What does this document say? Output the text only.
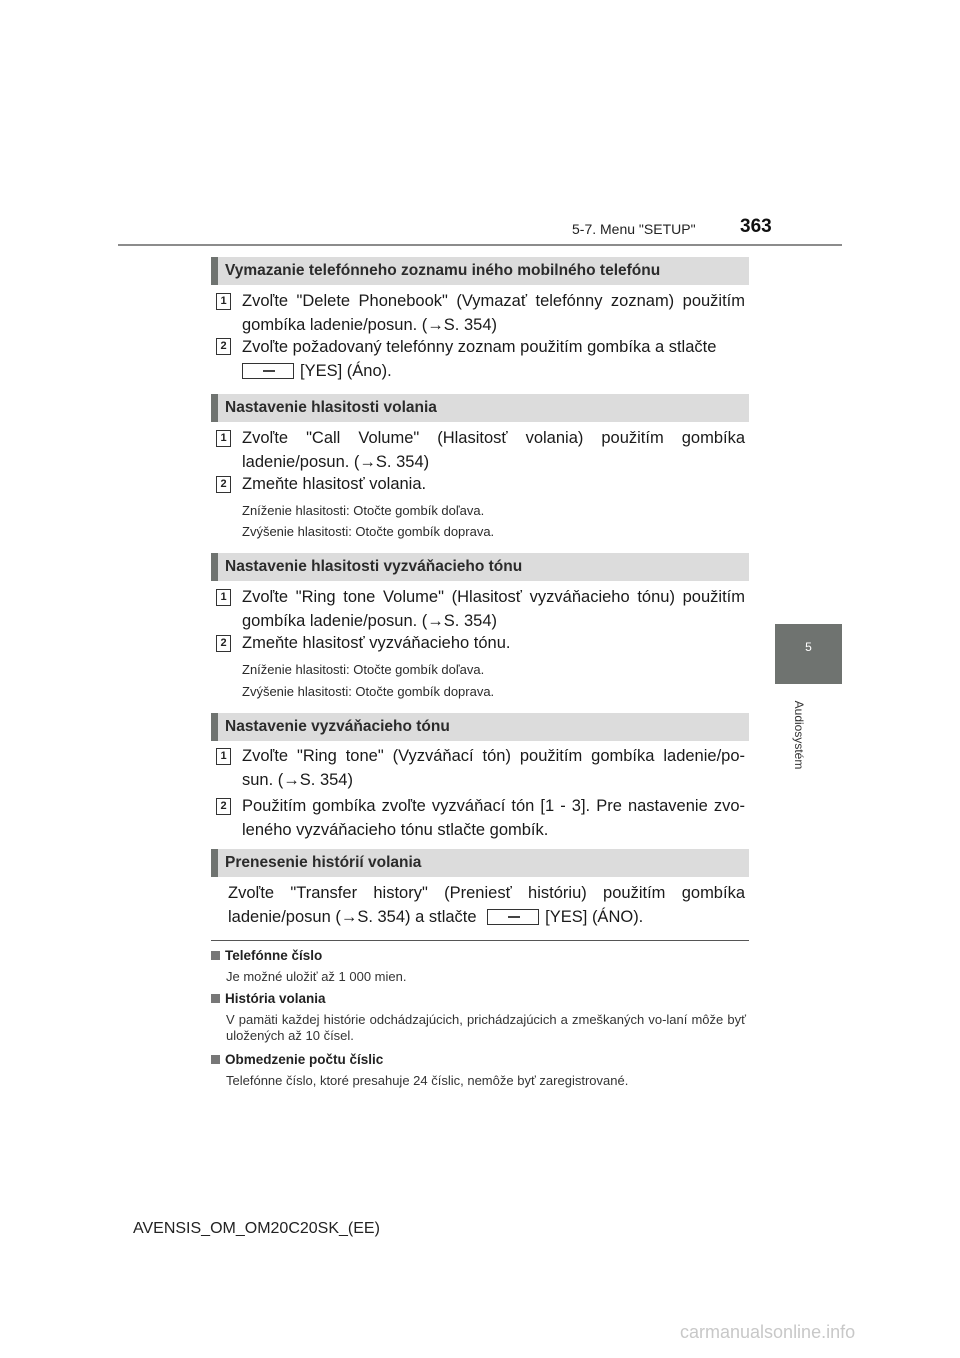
5-7. Menu "SETUP" 363
5
Audiosystém
Vymazanie telefónneho zoznamu iného mobilného telefónu
1 Zvoľte "Delete Phonebook" (Vymazať telefónny zoznam) použitím gombíka ladenie/posun. (→S. 354)
2 Zvoľte požadovaný telefónny zoznam použitím gombíka a stlačte
[YES] (Áno).
Nastavenie hlasitosti volania
1 Zvoľte "Call Volume" (Hlasitosť volania) použitím gombíka ladenie/posun. (→S. 354)
2 Zmeňte hlasitosť volania.
Zníženie hlasitosti: Otočte gombík doľava.
Zvýšenie hlasitosti: Otočte gombík doprava.
Nastavenie hlasitosti vyzváňacieho tónu
1 Zvoľte "Ring tone Volume" (Hlasitosť vyzváňacieho tónu) použitím gombíka ladenie/posun. (→S. 354)
2 Zmeňte hlasitosť vyzváňacieho tónu.
Zníženie hlasitosti: Otočte gombík doľava.
Zvýšenie hlasitosti: Otočte gombík doprava.
Nastavenie vyzváňacieho tónu
1 Zvoľte "Ring tone" (Vyzváňací tón) použitím gombíka ladenie/po-sun. (→S. 354)
2 Použitím gombíka zvoľte vyzváňací tón [1 - 3]. Pre nastavenie zvo-leného vyzváňacieho tónu stlačte gombík.
Prenesenie histórií volania
Zvoľte "Transfer history" (Preniesť históriu) použitím gombíka ladenie/posun (→S. 354) a stlačte	[YES] (ÁNO).
Telefónne číslo
Je možné uložiť až 1 000 mien.
História volania
V pamäti každej histórie odchádzajúcich, prichádzajúcich a zmeškaných vo-laní môže byť uložených až 10 čísel.
Obmedzenie počtu číslic
Telefónne číslo, ktoré presahuje 24 číslic, nemôže byť zaregistrované.
AVENSIS_OM_OM20C20SK_(EE)
carmanualsonline.info
